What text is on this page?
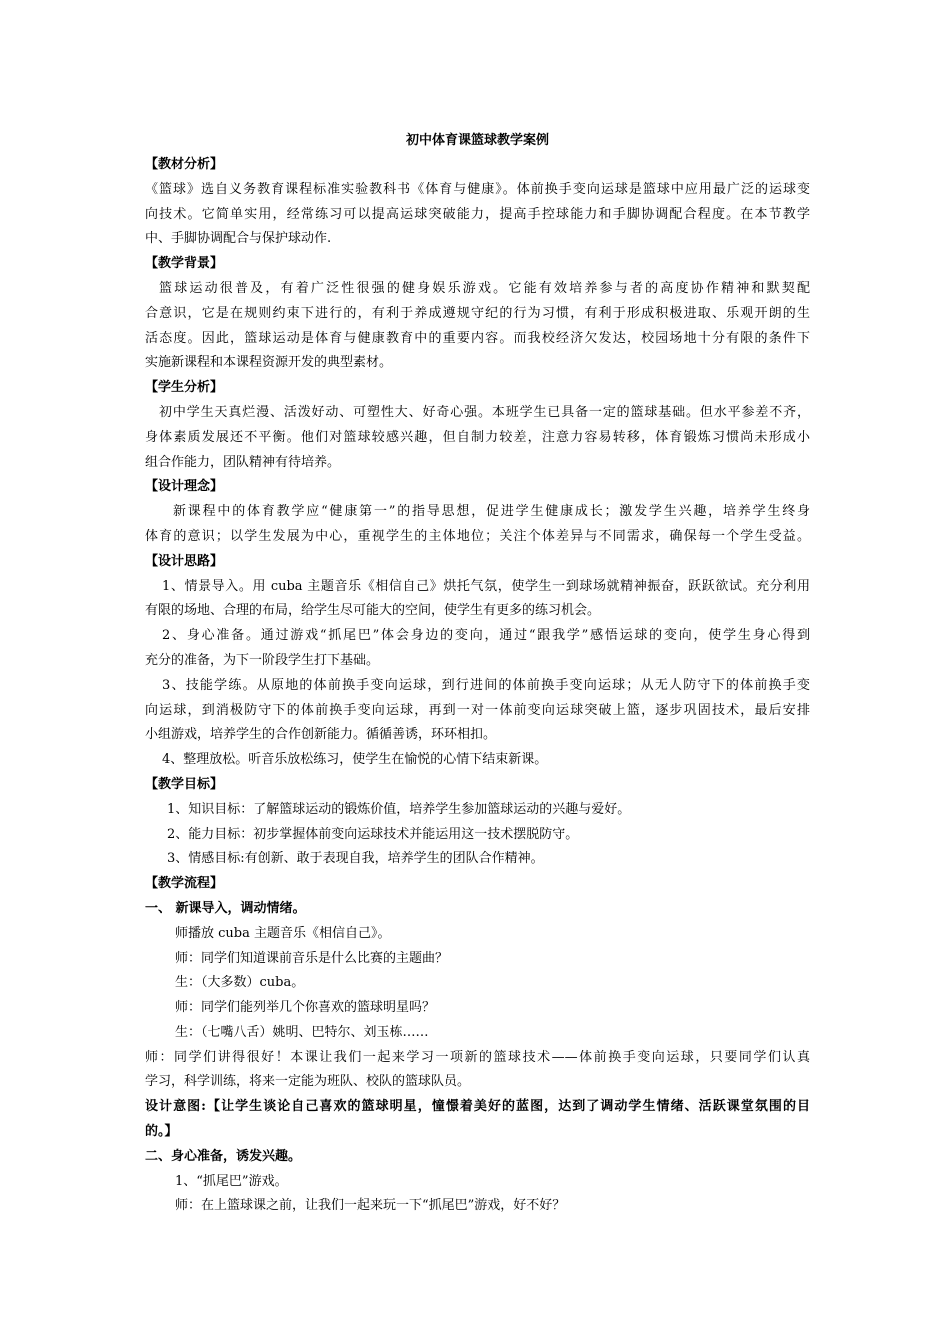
初中体育课篮球教学案例
【教材分析】
《篮球》选自义务教育课程标准实验教科书《体育与健康》。体前换手变向运球是篮球中应用最广泛的运球变
向技术。它简单实用，经常练习可以提高运球突破能力，提高手控球能力和手脚协调配合程度。在本节教学
中、手脚协调配合与保护球动作.
【教学背景】
篮球运动很普及，有着广泛性很强的健身娱乐游戏。它能有效培养参与者的高度协作精神和默契配
合意识，它是在规则约束下进行的，有利于养成遵规守纪的行为习惯，有利于形成积极进取、乐观开朗的生
活态度。因此，篮球运动是体育与健康教育中的重要内容。而我校经济欠发达，校园场地十分有限的条件下
实施新课程和本课程资源开发的典型素材。
【学生分析】
初中学生天真烂漫、活泼好动、可塑性大、好奇心强。本班学生已具备一定的篮球基础。但水平参差不齐，
身体素质发展还不平衡。他们对篮球较感兴趣，但自制力较差，注意力容易转移，体育锻炼习惯尚未形成小
组合作能力，团队精神有待培养。
【设计理念】
新课程中的体育教学应“健康第一”的指导思想，促进学生健康成长；激发学生兴趣，培养学生终身
体育的意识；以学生发展为中心，重视学生的主体地位；关注个体差异与不同需求，确保每一个学生受益。
【设计思路】
1、情景导入。用 cuba 主题音乐《相信自己》烘托气氛，使学生一到球场就精神振奋，跃跃欲试。充分利用
有限的场地、合理的布局，给学生尽可能大的空间，使学生有更多的练习机会。
2、身心准备。通过游戏“抓尾巴”体会身边的变向，通过“跟我学”感悟运球的变向，使学生身心得到
充分的准备，为下一阶段学生打下基础。
3、技能学练。从原地的体前换手变向运球，到行进间的体前换手变向运球；从无人防守下的体前换手变
向运球，到消极防守下的体前换手变向运球，再到一对一体前变向运球突破上篮，逐步巩固技术，最后安排
小组游戏，培养学生的合作创新能力。循循善诱，环环相扣。
4、整理放松。听音乐放松练习，使学生在愉悦的心情下结束新课。
【教学目标】
1、知识目标：了解篮球运动的锻炼价值，培养学生参加篮球运动的兴趣与爱好。
2、能力目标：初步掌握体前变向运球技术并能运用这一技术摆脱防守。
3、情感目标:有创新、敢于表现自我，培养学生的团队合作精神。
【教学流程】
一、 新课导入，调动情绪。
师播放 cuba 主题音乐《相信自己》。
师：同学们知道课前音乐是什么比赛的主题曲？
生：（大多数）cuba。
师：同学们能列举几个你喜欢的篮球明星吗？
生：（七嘴八舌）姚明、巴特尔、刘玉栋……
师：同学们讲得很好！本课让我们一起来学习一项新的篮球技术——体前换手变向运球，只要同学们认真
学习，科学训练，将来一定能为班队、校队的篮球队员。
设计意图:【让学生谈论自己喜欢的篮球明星，憧憬着美好的蓝图，达到了调动学生情绪、活跃课堂氛围的目
的。】
二、身心准备，诱发兴趣。
1、“抓尾巴”游戏。
师：在上篮球课之前，让我们一起来玩一下“抓尾巴”游戏，好不好？
